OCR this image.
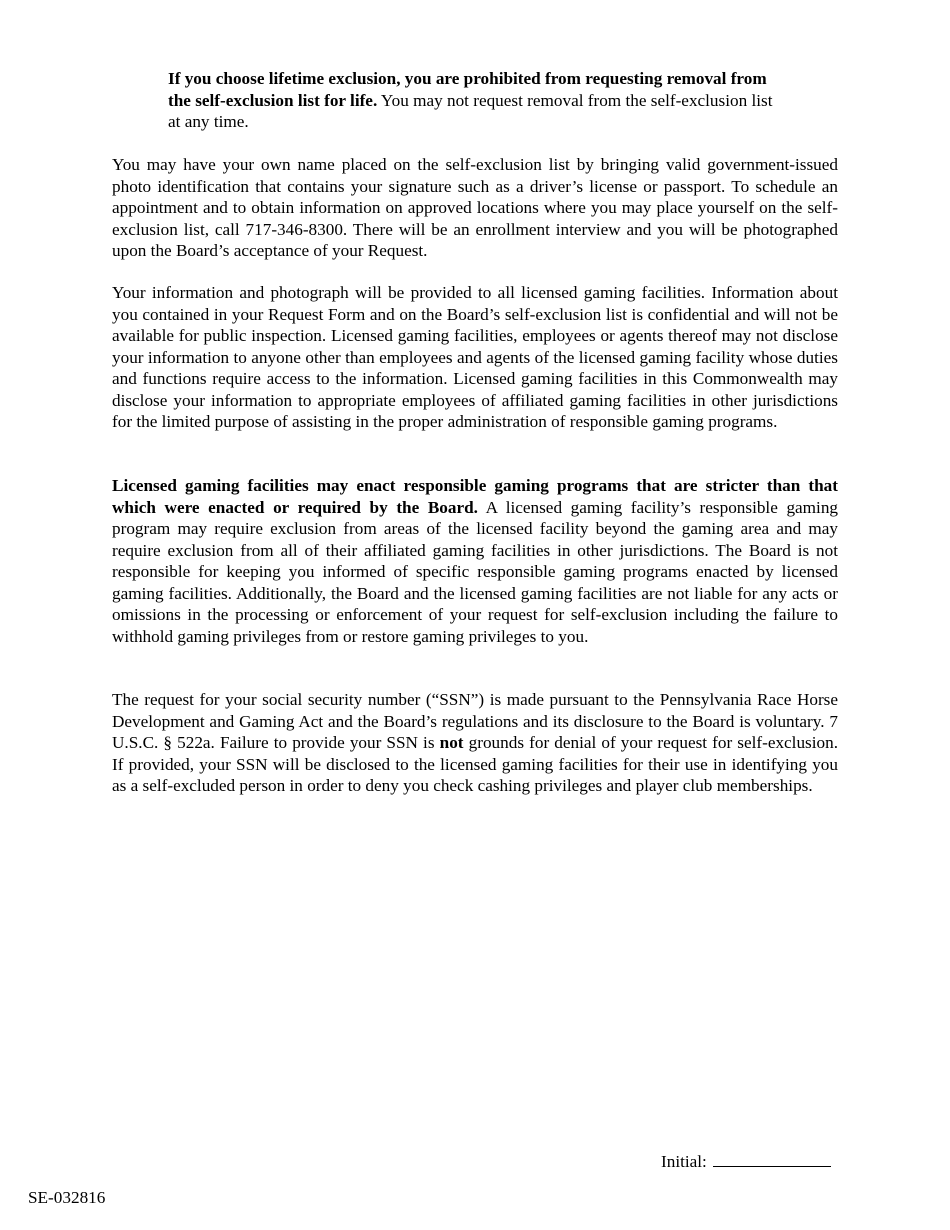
If you choose lifetime exclusion, you are prohibited from requesting removal from the self-exclusion list for life. You may not request removal from the self-exclusion list at any time.

You may have your own name placed on the self-exclusion list by bringing valid government-issued photo identification that contains your signature such as a driver’s license or passport. To schedule an appointment and to obtain information on approved locations where you may place yourself on the self-exclusion list, call 717-346-8300. There will be an enrollment interview and you will be photographed upon the Board’s acceptance of your Request.

Your information and photograph will be provided to all licensed gaming facilities. Information about you contained in your Request Form and on the Board’s self-exclusion list is confidential and will not be available for public inspection. Licensed gaming facilities, employees or agents thereof may not disclose your information to anyone other than employees and agents of the licensed gaming facility whose duties and functions require access to the information. Licensed gaming facilities in this Commonwealth may disclose your information to appropriate employees of affiliated gaming facilities in other jurisdictions for the limited purpose of assisting in the proper administration of responsible gaming programs.

Licensed gaming facilities may enact responsible gaming programs that are stricter than that which were enacted or required by the Board. A licensed gaming facility’s responsible gaming program may require exclusion from areas of the licensed facility beyond the gaming area and may require exclusion from all of their affiliated gaming facilities in other jurisdictions. The Board is not responsible for keeping you informed of specific responsible gaming programs enacted by licensed gaming facilities. Additionally, the Board and the licensed gaming facilities are not liable for any acts or omissions in the processing or enforcement of your request for self-exclusion including the failure to withhold gaming privileges from or restore gaming privileges to you.

The request for your social security number (“SSN”) is made pursuant to the Pennsylvania Race Horse Development and Gaming Act and the Board’s regulations and its disclosure to the Board is voluntary. 7 U.S.C. § 522a. Failure to provide your SSN is not grounds for denial of your request for self-exclusion. If provided, your SSN will be disclosed to the licensed gaming facilities for their use in identifying you as a self-excluded person in order to deny you check cashing privileges and player club memberships.

Initial:

SE-032816
